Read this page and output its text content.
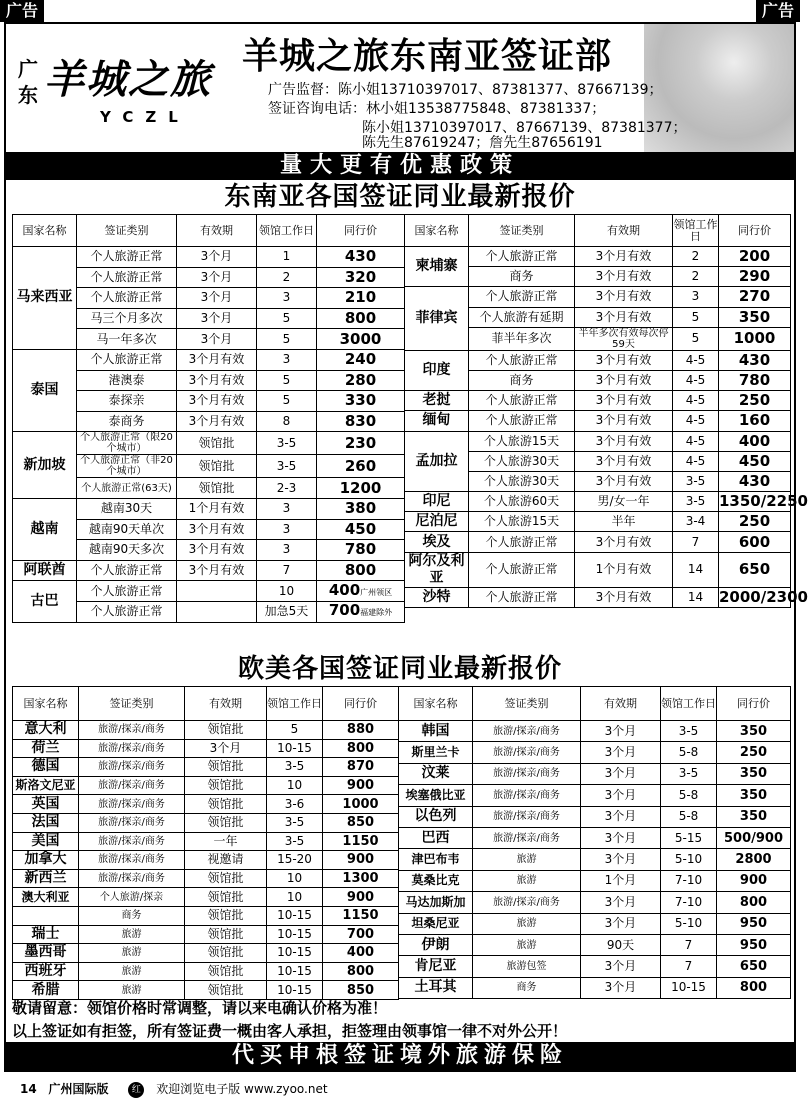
广告	广告
广东 羊城之旅
YCZL
羊城之旅东南亚签证部
广告监督：陈小姐13710397017、87381377、87667139；
签证咨询电话：林小姐13538775848、87381337；
陈小姐13710397017、87667139、87381377；
陈先生87619247；詹先生87656191
量大更有优惠政策
东南亚各国签证同业最新报价
国家名称	签证类别	有效期	领馆工作日	同行价
马来西亚	个人旅游正常	3个月	1	430
	个人旅游正常	3个月	2	320
	个人旅游正常	3个月	3	210
	马三个月多次	3个月	5	800
	马一年多次	3个月	5	3000
泰国	个人旅游正常	3个月有效	3	240
	港澳泰	3个月有效	5	280
	泰探亲	3个月有效	5	330
	泰商务	3个月有效	8	830
新加坡	个人旅游正常（限20个城市）	领馆批	3-5	230
	个人旅游正常（非20个城市）	领馆批	3-5	260
	个人旅游正常(63天)	领馆批	2-3	1200
越南	越南30天	1个月有效	3	380
	越南90天单次	3个月有效	3	450
	越南90天多次	3个月有效	3	780
阿联酋	个人旅游正常	3个月有效	7	800
古巴	个人旅游正常		10	400广州领区
	个人旅游正常		加急5天	700福建除外
国家名称	签证类别	有效期	领馆工作日	同行价
柬埔寨	个人旅游正常	3个月有效	2	200
	商务	3个月有效	2	290
菲律宾	个人旅游正常	3个月有效	3	270
	个人旅游有延期	3个月有效	5	350
	菲半年多次	半年多次有效每次停59天	5	1000
印度	个人旅游正常	3个月有效	4-5	430
	商务	3个月有效	4-5	780
老挝	个人旅游正常	3个月有效	4-5	250
缅甸	个人旅游正常	3个月有效	4-5	160
孟加拉	个人旅游15天	3个月有效	4-5	400
	个人旅游30天	3个月有效	4-5	450
	个人旅游30天	3个月有效	3-5	430
印尼	个人旅游60天	男/女一年	3-5	1350/2250
尼泊尼	个人旅游15天	半年	3-4	250
埃及	个人旅游正常	3个月有效	7	600
阿尔及利亚	个人旅游正常	1个月有效	14	650
沙特	个人旅游正常	3个月有效	14	2000/2300
欧美各国签证同业最新报价
国家名称	签证类别	有效期	领馆工作日	同行价
意大利	旅游/探亲/商务	领馆批	5	880
荷兰	旅游/探亲/商务	3个月	10-15	800
德国	旅游/探亲/商务	领馆批	3-5	870
斯洛文尼亚	旅游/探亲/商务	领馆批	10	900
英国	旅游/探亲/商务	领馆批	3-6	1000
法国	旅游/探亲/商务	领馆批	3-5	850
美国	旅游/探亲/商务	一年	3-5	1150
加拿大	旅游/探亲/商务	视邀请	15-20	900
新西兰	旅游/探亲/商务	领馆批	10	1300
澳大利亚	个人旅游/探亲	领馆批	10	900
	商务	领馆批	10-15	1150
瑞士	旅游	领馆批	10-15	700
墨西哥	旅游	领馆批	10-15	400
西班牙	旅游	领馆批	10-15	800
希腊	旅游	领馆批	10-15	850
国家名称	签证类别	有效期	领馆工作日	同行价
韩国	旅游/探亲/商务	3个月	3-5	350
斯里兰卡	旅游/探亲/商务	3个月	5-8	250
汶莱	旅游/探亲/商务	3个月	3-5	350
埃塞俄比亚	旅游/探亲/商务	3个月	5-8	350
以色列	旅游/探亲/商务	3个月	5-8	350
巴西	旅游/探亲/商务	3个月	5-15	500/900
津巴布韦	旅游	3个月	5-10	2800
莫桑比克	旅游	1个月	7-10	900
马达加斯加	旅游/探亲/商务	3个月	7-10	800
坦桑尼亚	旅游	3个月	5-10	950
伊朗	旅游	90天	7	950
肯尼亚	旅游包签	3个月	7	650
土耳其	商务	3个月	10-15	800
敬请留意：领馆价格时常调整，请以来电确认价格为准！
以上签证如有拒签，所有签证费一概由客人承担，拒签理由领事馆一律不对外公开！
代买申根签证境外旅游保险
14 广州国际版	红 欢迎浏览电子版 www.zyoo.net
